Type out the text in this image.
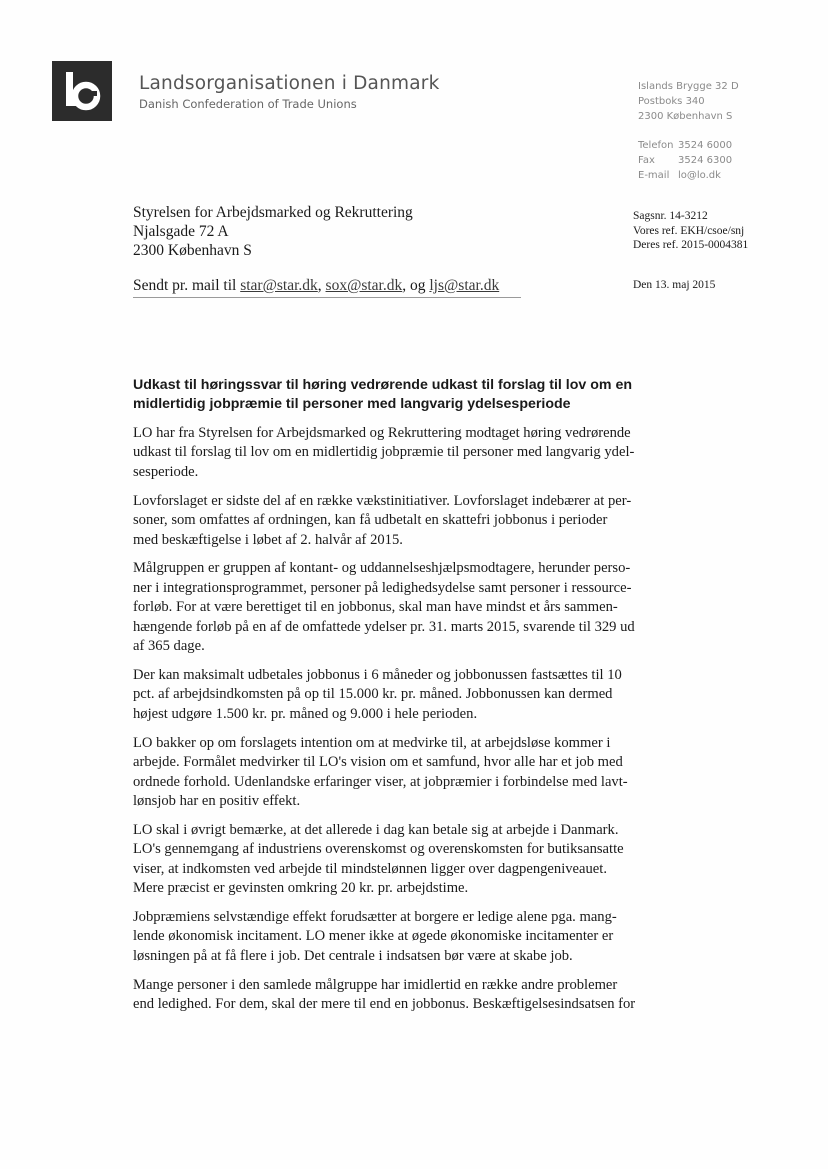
Landsorganisationen i Danmark
Danish Confederation of Trade Unions
Islands Brygge 32 D
Postboks 340
2300 København S
Telefon 3524 6000
Fax 3524 6300
E-mail lo@lo.dk
Styrelsen for Arbejdsmarked og Rekruttering
Njalsgade 72 A
2300 København S
Sagsnr. 14-3212
Vores ref. EKH/csoe/snj
Deres ref. 2015-0004381
Den 13. maj 2015
Sendt pr. mail til star@star.dk, sox@star.dk, og ljs@star.dk
Udkast til høringssvar til høring vedrørende udkast til forslag til lov om en midlertidig jobpræmie til personer med langvarig ydelsesperiode

LO har fra Styrelsen for Arbejdsmarked og Rekruttering modtaget høring vedrørende
udkast til forslag til lov om en midlertidig jobpræmie til personer med langvarig ydel-
sesperiode.

Lovforslaget er sidste del af en række vækstinitiativer. Lovforslaget indebærer at per-
soner, som omfattes af ordningen, kan få udbetalt en skattefri jobbonus i perioder
med beskæftigelse i løbet af 2. halvår af 2015.

Målgruppen er gruppen af kontant- og uddannelseshjælpsmodtagere, herunder perso-
ner i integrationsprogrammet, personer på ledighedsydelse samt personer i ressource-
forløb. For at være berettiget til en jobbonus, skal man have mindst et års sammen-
hængende forløb på en af de omfattede ydelser pr. 31. marts 2015, svarende til 329 ud
af 365 dage.

Der kan maksimalt udbetales jobbonus i 6 måneder og jobbonussen fastsættes til 10
pct. af arbejdsindkomsten på op til 15.000 kr. pr. måned. Jobbonussen kan dermed
højest udgøre 1.500 kr. pr. måned og 9.000 i hele perioden.

LO bakker op om forslagets intention om at medvirke til, at arbejdsløse kommer i
arbejde. Formålet medvirker til LO's vision om et samfund, hvor alle har et job med
ordnede forhold. Udenlandske erfaringer viser, at jobpræmier i forbindelse med lavt-
lønsjob har en positiv effekt.

LO skal i øvrigt bemærke, at det allerede i dag kan betale sig at arbejde i Danmark.
LO's gennemgang af industriens overenskomst og overenskomsten for butiksansatte
viser, at indkomsten ved arbejde til mindstelønnen ligger over dagpengeniveauet.
Mere præcist er gevinsten omkring 20 kr. pr. arbejdstime.

Jobpræmiens selvstændige effekt forudsætter at borgere er ledige alene pga. mang-
lende økonomisk incitament. LO mener ikke at øgede økonomiske incitamenter er
løsningen på at få flere i job. Det centrale i indsatsen bør være at skabe job.

Mange personer i den samlede målgruppe har imidlertid en række andre problemer
end ledighed. For dem, skal der mere til end en jobbonus. Beskæftigelsesindsatsen for
